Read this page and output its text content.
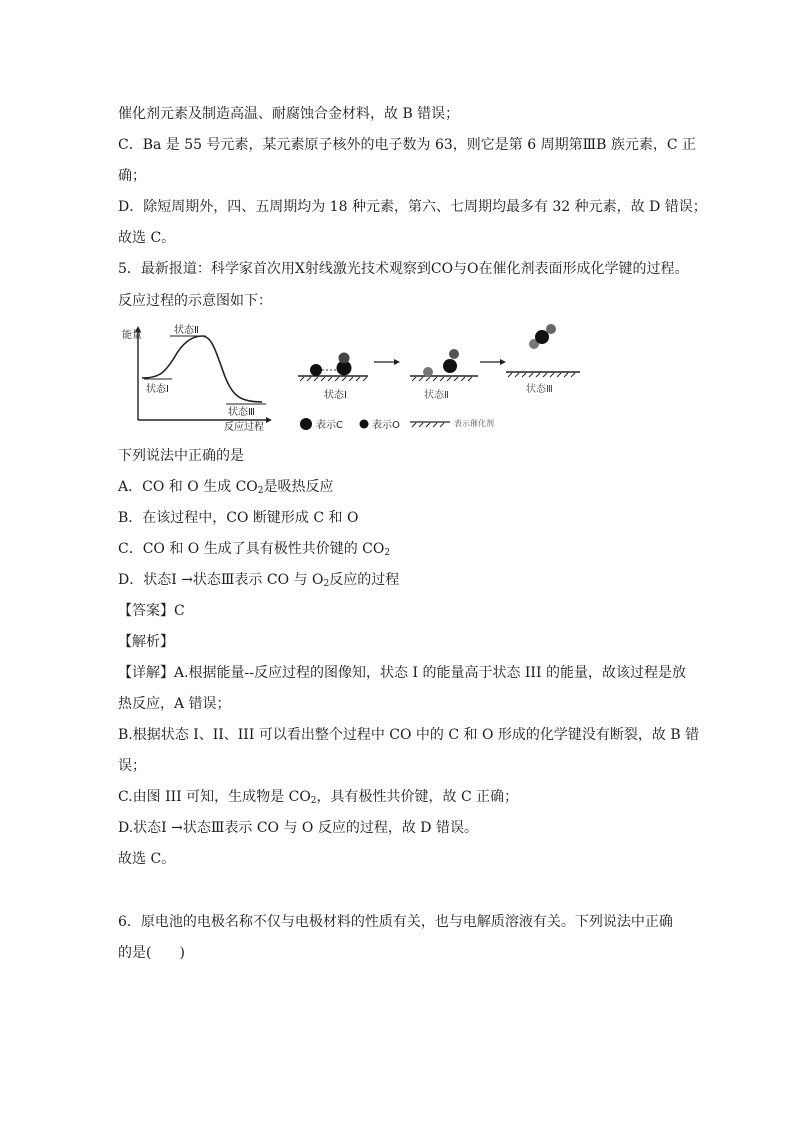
催化剂元素及制造高温、耐腐蚀合金材料，故 B 错误；
C．Ba 是 55 号元素，某元素原子核外的电子数为 63，则它是第 6 周期第ⅢB 族元素，C 正
确；
D．除短周期外，四、五周期均为 18 种元素，第六、七周期均最多有 32 种元素，故 D 错误；
故选 C。
5．最新报道：科学家首次用X射线激光技术观察到CO与O在催化剂表面形成化学键的过程。
反应过程的示意图如下：
能量
反应过程
状态Ⅰ
状态Ⅱ
状态Ⅲ
状态Ⅰ	状态Ⅱ
状态Ⅲ
表示C	表示O	表示催化剂
下列说法中正确的是
A．CO 和 O 生成 $CO_2$是吸热反应
B．在该过程中，CO 断键形成 C 和 O
C．CO 和 O 生成了具有极性共价键的 $CO_2$
D．状态Ⅰ →状态Ⅲ表示 CO 与 $O_2$反应的过程
【答案】C
【解析】
【详解】A.根据能量--反应过程的图像知，状态 I 的能量高于状态 III 的能量，故该过程是放
热反应，A 错误；
B.根据状态 I、II、III 可以看出整个过程中 CO 中的 C 和 O 形成的化学键没有断裂，故 B 错
误；
C.由图 III 可知，生成物是 $CO_2$，具有极性共价键，故 C 正确；
D.状态Ⅰ →状态Ⅲ表示 CO 与 O 反应的过程，故 D 错误。
故选 C。
6．原电池的电极名称不仅与电极材料的性质有关，也与电解质溶液有关。下列说法中正确
的是(　　)
